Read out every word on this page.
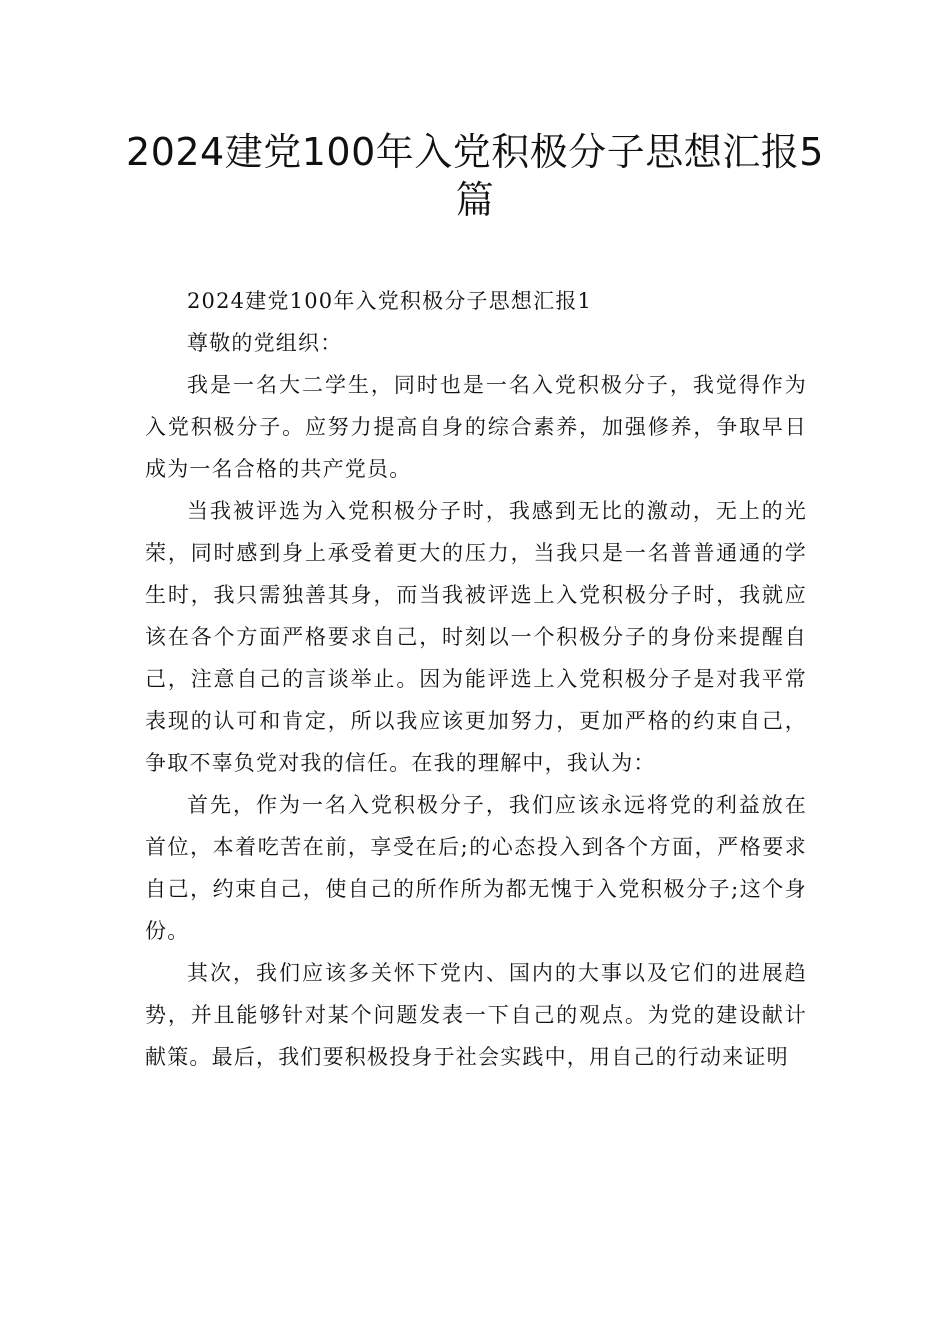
2024建党100年入党积极分子思想汇报5篇

2024建党100年入党积极分子思想汇报1

尊敬的党组织：

我是一名大二学生，同时也是一名入党积极分子，我觉得作为入党积极分子。应努力提高自身的综合素养，加强修养，争取早日成为一名合格的共产党员。

当我被评选为入党积极分子时，我感到无比的激动，无上的光荣，同时感到身上承受着更大的压力，当我只是一名普普通通的学生时，我只需独善其身，而当我被评选上入党积极分子时，我就应该在各个方面严格要求自己，时刻以一个积极分子的身份来提醒自己，注意自己的言谈举止。因为能评选上入党积极分子是对我平常表现的认可和肯定，所以我应该更加努力，更加严格的约束自己，争取不辜负党对我的信任。在我的理解中，我认为：

首先，作为一名入党积极分子，我们应该永远将党的利益放在首位，本着吃苦在前，享受在后;的心态投入到各个方面，严格要求自己，约束自己，使自己的所作所为都无愧于入党积极分子;这个身份。

其次，我们应该多关怀下党内、国内的大事以及它们的进展趋势，并且能够针对某个问题发表一下自己的观点。为党的建设献计献策。最后，我们要积极投身于社会实践中，用自己的行动来证明
